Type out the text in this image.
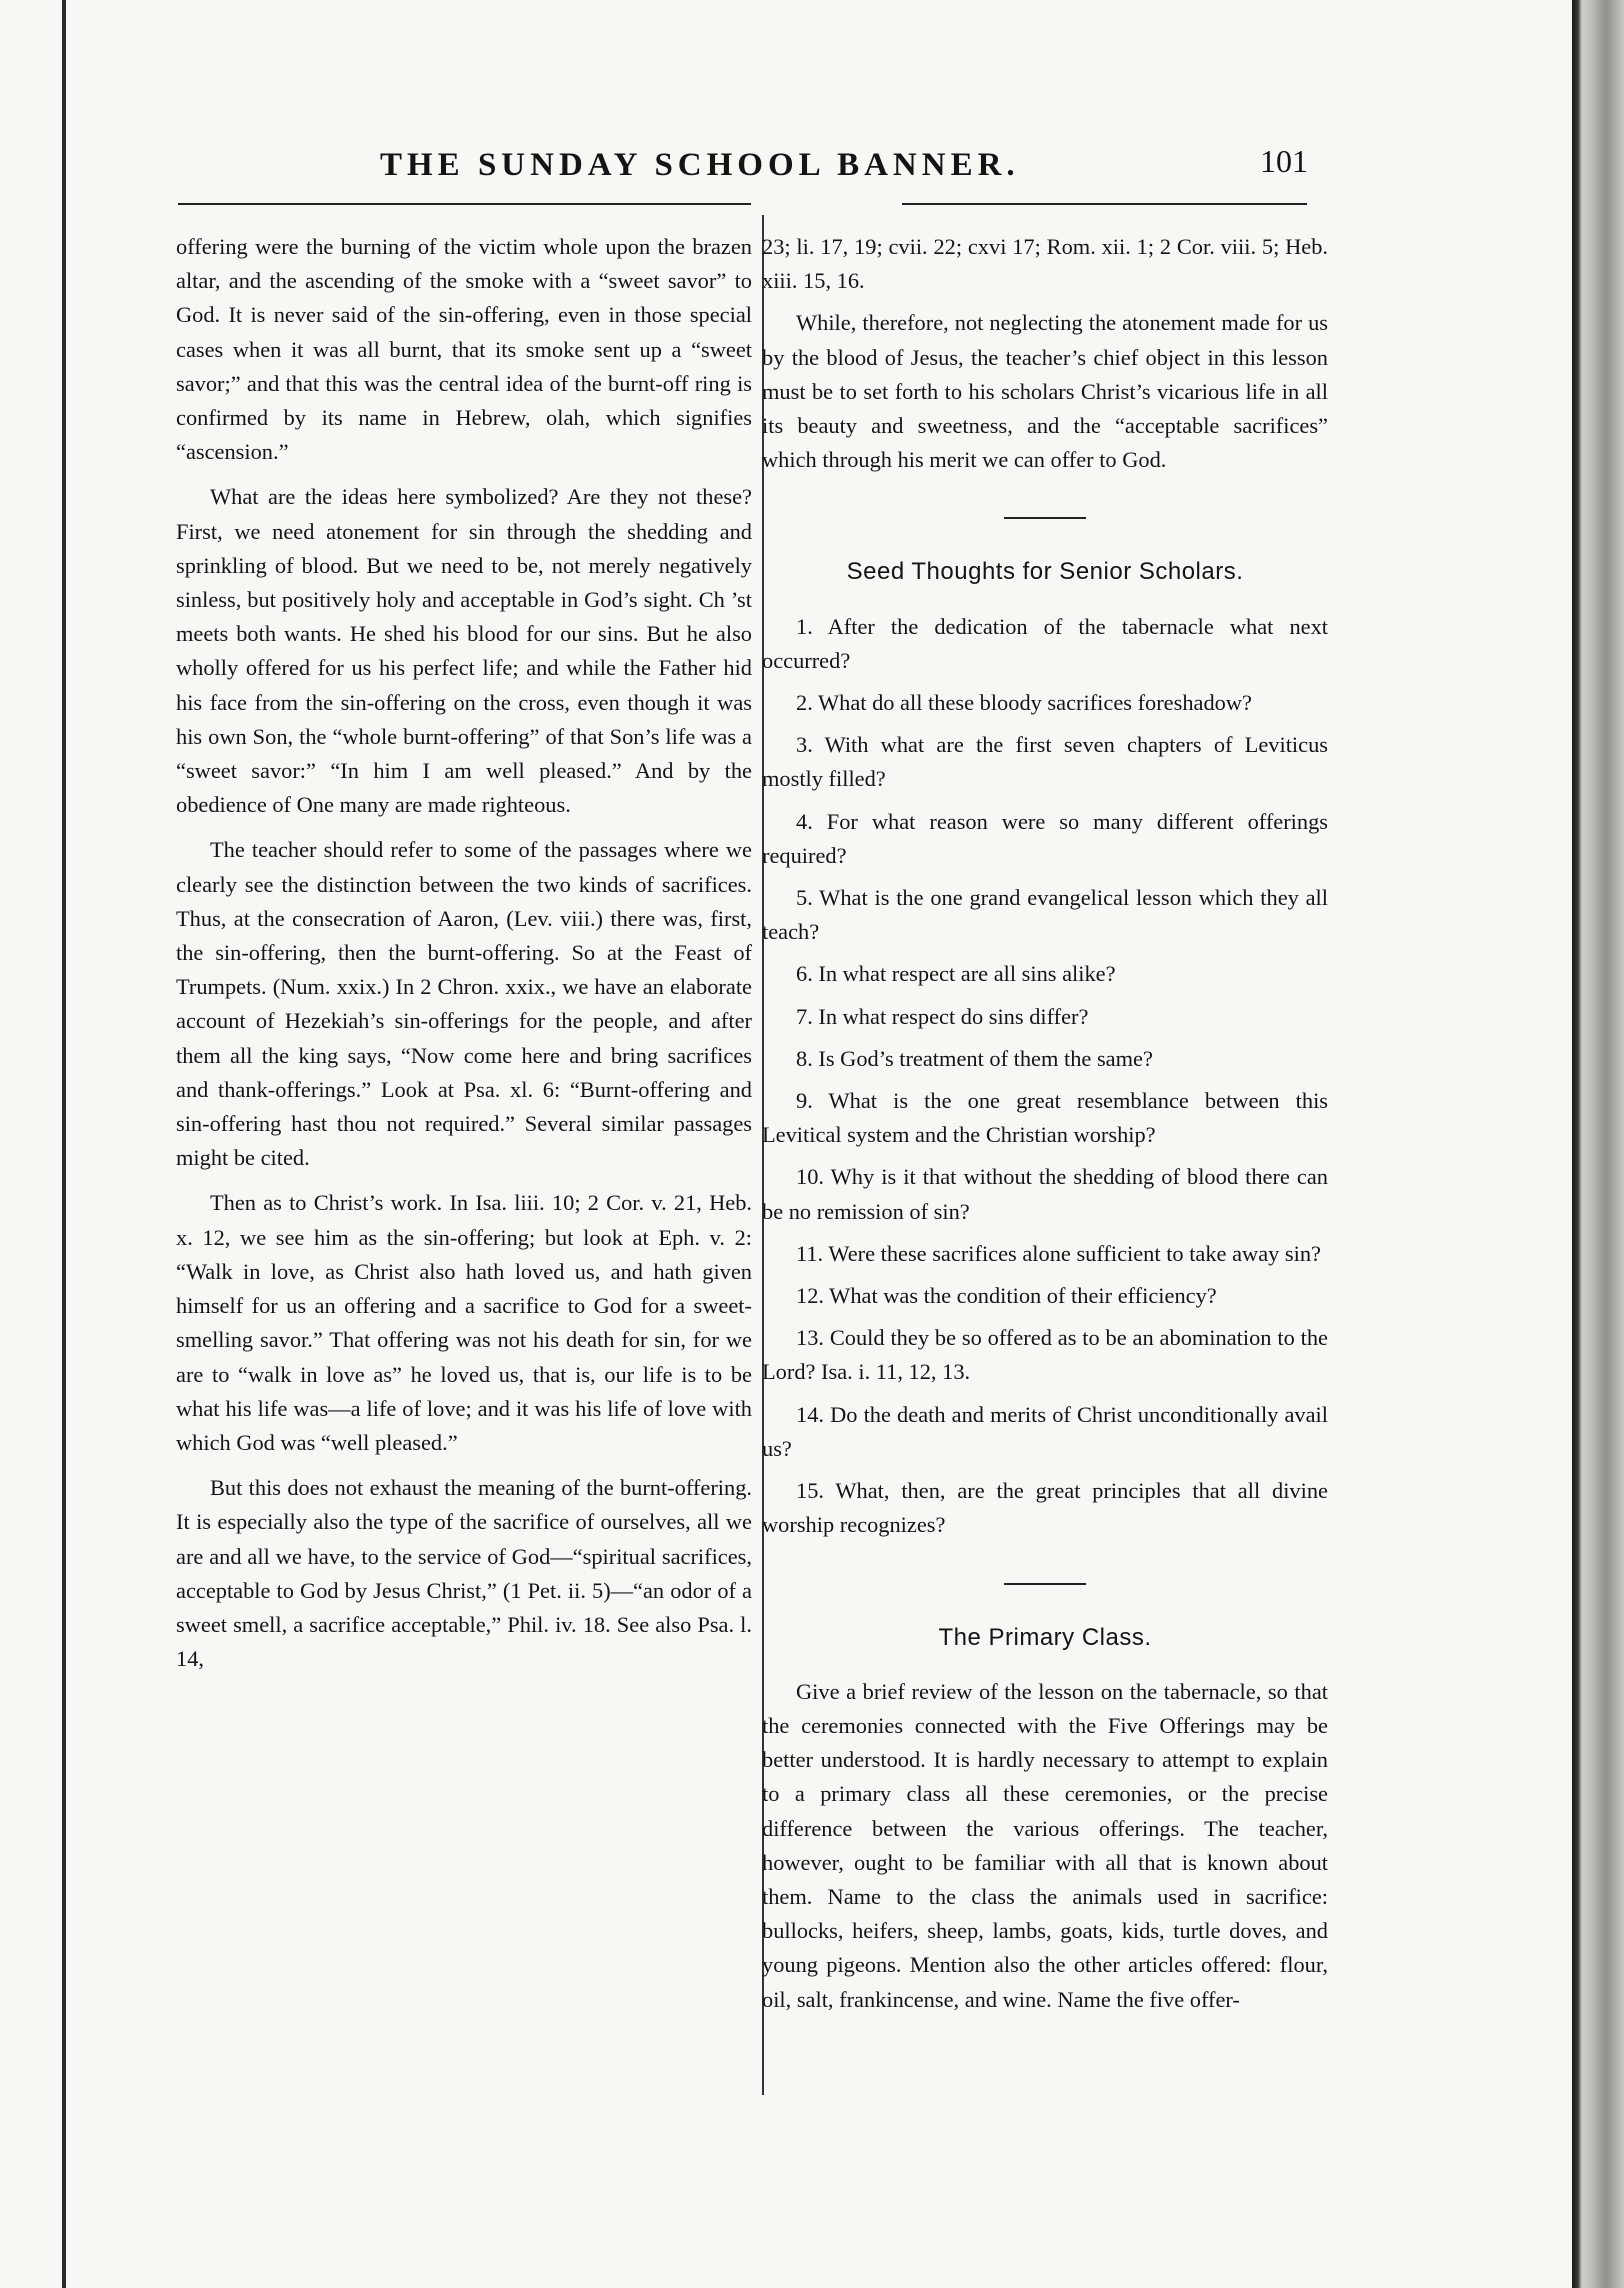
THE SUNDAY SCHOOL BANNER.	101

offering were the burning of the victim whole upon the brazen altar, and the ascending of the smoke with a “sweet savor” to God. It is never said of the sin-offering, even in those special cases when it was all burnt, that its smoke sent up a “sweet savor;” and that this was the central idea of the burnt-off ring is confirmed by its name in Hebrew, olah, which signifies “ascension.”

What are the ideas here symbolized? Are they not these? First, we need atonement for sin through the shedding and sprinkling of blood. But we need to be, not merely negatively sinless, but positively holy and acceptable in God’s sight. Ch ’st meets both wants. He shed his blood for our sins. But he also wholly offered for us his perfect life; and while the Father hid his face from the sin-offering on the cross, even though it was his own Son, the “whole burnt-offering” of that Son’s life was a “sweet savor:” “In him I am well pleased.” And by the obedience of One many are made righteous.

The teacher should refer to some of the passages where we clearly see the distinction between the two kinds of sacrifices. Thus, at the consecration of Aaron, (Lev. viii.) there was, first, the sin-offering, then the burnt-offering. So at the Feast of Trumpets. (Num. xxix.) In 2 Chron. xxix., we have an elaborate account of Hezekiah’s sin-offerings for the people, and after them all the king says, “Now come here and bring sacrifices and thank-offerings.” Look at Psa. xl. 6: “Burnt-offering and sin-offering hast thou not required.” Several similar passages might be cited.

Then as to Christ’s work. In Isa. liii. 10; 2 Cor. v. 21, Heb. x. 12, we see him as the sin-offering; but look at Eph. v. 2: “Walk in love, as Christ also hath loved us, and hath given himself for us an offering and a sacrifice to God for a sweet-smelling savor.” That offering was not his death for sin, for we are to “walk in love as” he loved us, that is, our life is to be what his life was—a life of love; and it was his life of love with which God was “well pleased.”

But this does not exhaust the meaning of the burnt-offering. It is especially also the type of the sacrifice of ourselves, all we are and all we have, to the service of God—“spiritual sacrifices, acceptable to God by Jesus Christ,” (1 Pet. ii. 5)—“an odor of a sweet smell, a sacrifice acceptable,” Phil. iv. 18. See also Psa. l. 14,

23; li. 17, 19; cvii. 22; cxvi 17; Rom. xii. 1; 2 Cor. viii. 5; Heb. xiii. 15, 16.

While, therefore, not neglecting the atonement made for us by the blood of Jesus, the teacher’s chief object in this lesson must be to set forth to his scholars Christ’s vicarious life in all its beauty and sweetness, and the “acceptable sacrifices” which through his merit we can offer to God.

Seed Thoughts for Senior Scholars.

1. After the dedication of the tabernacle what next occurred?

2. What do all these bloody sacrifices foreshadow?

3. With what are the first seven chapters of Leviticus mostly filled?

4. For what reason were so many different offerings required?

5. What is the one grand evangelical lesson which they all teach?

6. In what respect are all sins alike?

7. In what respect do sins differ?

8. Is God’s treatment of them the same?

9. What is the one great resemblance between this Levitical system and the Christian worship?

10. Why is it that without the shedding of blood there can be no remission of sin?

11. Were these sacrifices alone sufficient to take away sin?

12. What was the condition of their efficiency?

13. Could they be so offered as to be an abomination to the Lord? Isa. i. 11, 12, 13.

14. Do the death and merits of Christ unconditionally avail us?

15. What, then, are the great principles that all divine worship recognizes?

The Primary Class.

Give a brief review of the lesson on the tabernacle, so that the ceremonies connected with the Five Offerings may be better understood. It is hardly necessary to attempt to explain to a primary class all these ceremonies, or the precise difference between the various offerings. The teacher, however, ought to be familiar with all that is known about them. Name to the class the animals used in sacrifice: bullocks, heifers, sheep, lambs, goats, kids, turtle doves, and young pigeons. Mention also the other articles offered: flour, oil, salt, frankincense, and wine. Name the five offer-
